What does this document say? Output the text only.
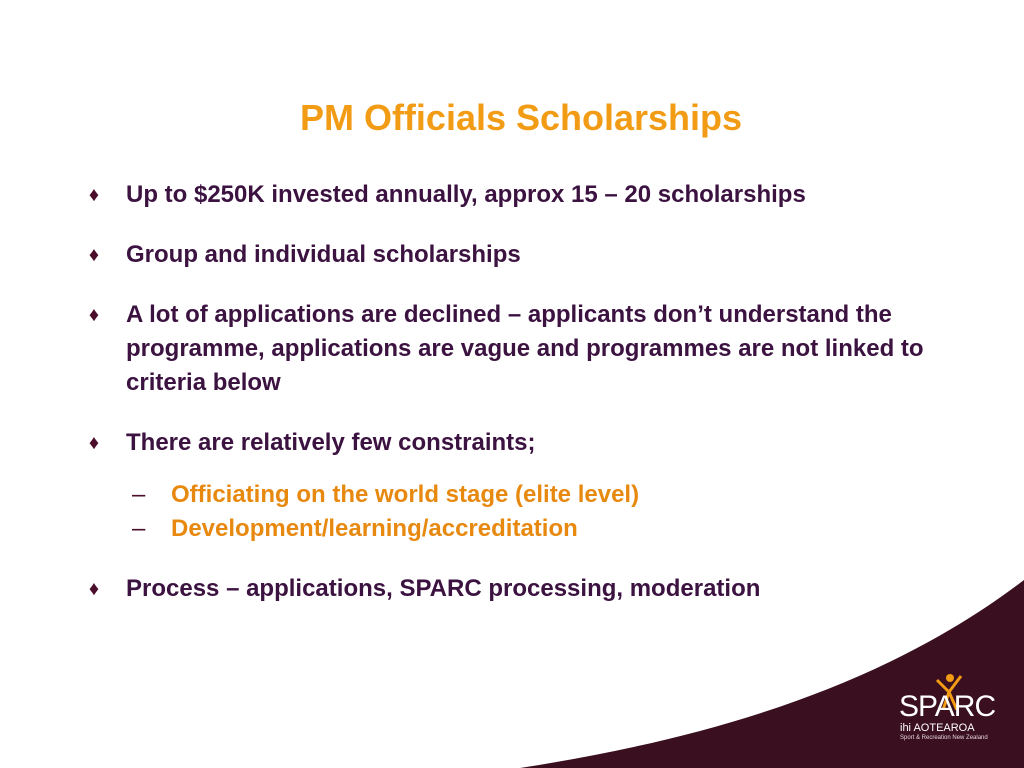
PM Officials Scholarships
♦ Up to $250K invested annually, approx 15 – 20 scholarships
♦ Group and individual scholarships
♦ A lot of applications are declined – applicants don’t understand the programme, applications are vague and programmes are not linked to criteria below
♦ There are relatively few constraints;

– Officiating on the world stage (elite level)

– Development/learning/accreditation

♦ Process – applications, SPARC processing, moderation
SPARC
ihi AOTEAROA
Sport & Recreation New Zealand
